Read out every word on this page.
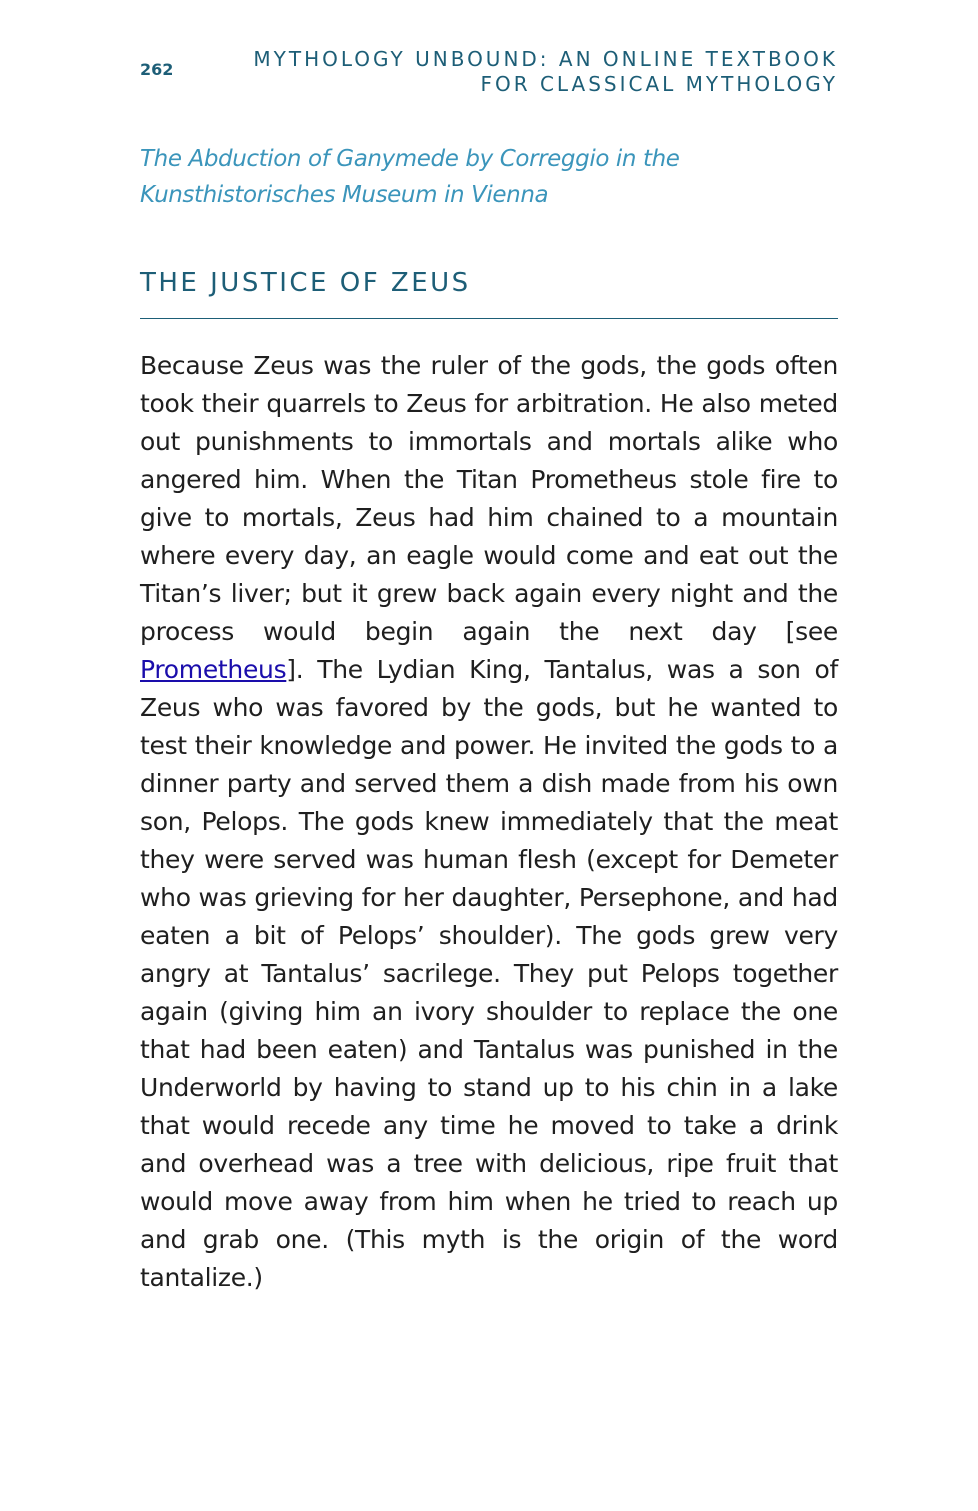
262	MYTHOLOGY UNBOUND: AN ONLINE TEXTBOOK FOR CLASSICAL MYTHOLOGY
The Abduction of Ganymede by Correggio in the Kunsthistorisches Museum in Vienna
THE JUSTICE OF ZEUS

Because Zeus was the ruler of the gods, the gods often took their quarrels to Zeus for arbitration. He also meted out punishments to immortals and mortals alike who angered him. When the Titan Prometheus stole fire to give to mortals, Zeus had him chained to a mountain where every day, an eagle would come and eat out the Titan’s liver; but it grew back again every night and the process would begin again the next day [see Prometheus]. The Lydian King, Tantalus, was a son of Zeus who was favored by the gods, but he wanted to test their knowledge and power. He invited the gods to a dinner party and served them a dish made from his own son, Pelops. The gods knew immediately that the meat they were served was human flesh (except for Demeter who was grieving for her daughter, Persephone, and had eaten a bit of Pelops’ shoulder). The gods grew very angry at Tantalus’ sacrilege. They put Pelops together again (giving him an ivory shoulder to replace the one that had been eaten) and Tantalus was punished in the Underworld by having to stand up to his chin in a lake that would recede any time he moved to take a drink and overhead was a tree with delicious, ripe fruit that would move away from him when he tried to reach up and grab one. (This myth is the origin of the word tantalize.)
